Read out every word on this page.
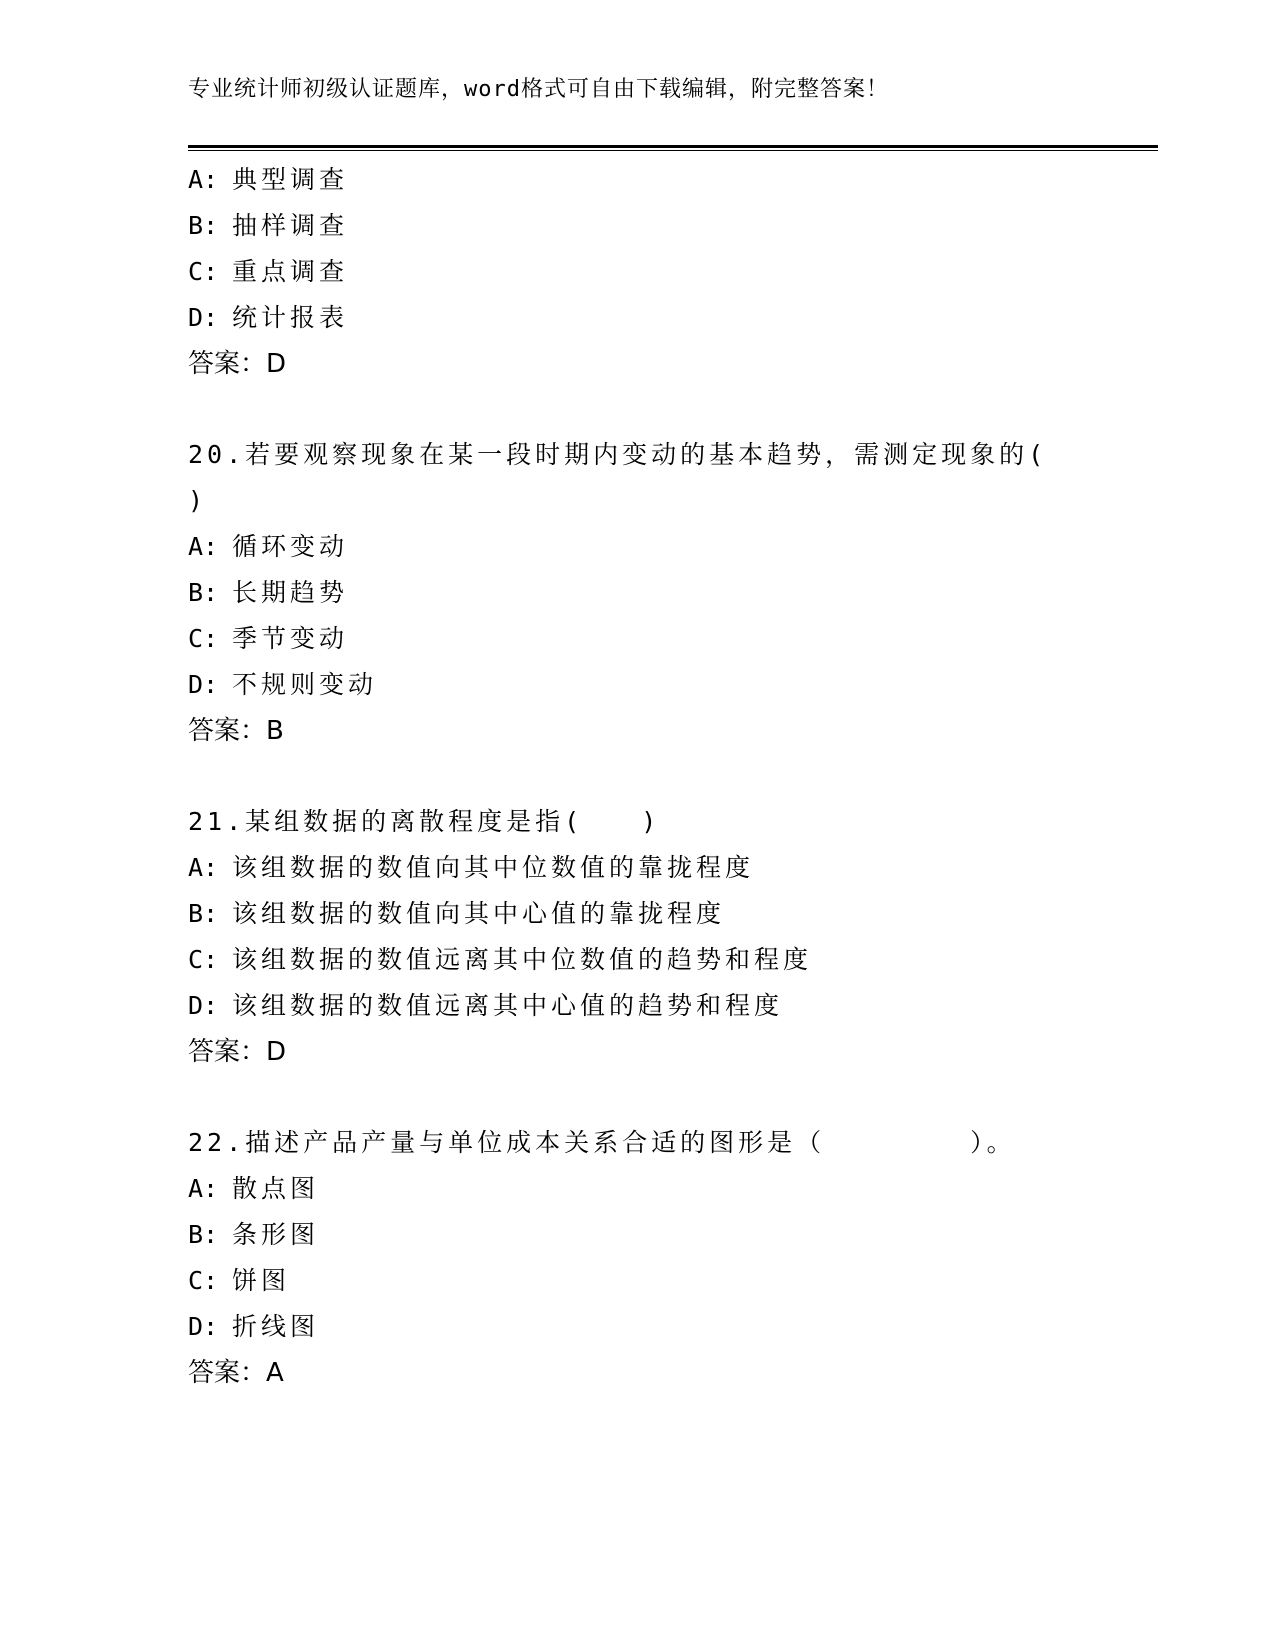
专业统计师初级认证题库，word格式可自由下载编辑，附完整答案！
A: 典型调查
B: 抽样调查
C: 重点调查
D: 统计报表
答案：D
20.若要观察现象在某一段时期内变动的基本趋势，需测定现象的(
)
A: 循环变动
B: 长期趋势
C: 季节变动
D: 不规则变动
答案：B
21.某组数据的离散程度是指(　　)
A: 该组数据的数值向其中位数值的靠拢程度
B: 该组数据的数值向其中心值的靠拢程度
C: 该组数据的数值远离其中位数值的趋势和程度
D: 该组数据的数值远离其中心值的趋势和程度
答案：D
22.描述产品产量与单位成本关系合适的图形是（　　　　　）。
A: 散点图
B: 条形图
C: 饼图
D: 折线图
答案：A
